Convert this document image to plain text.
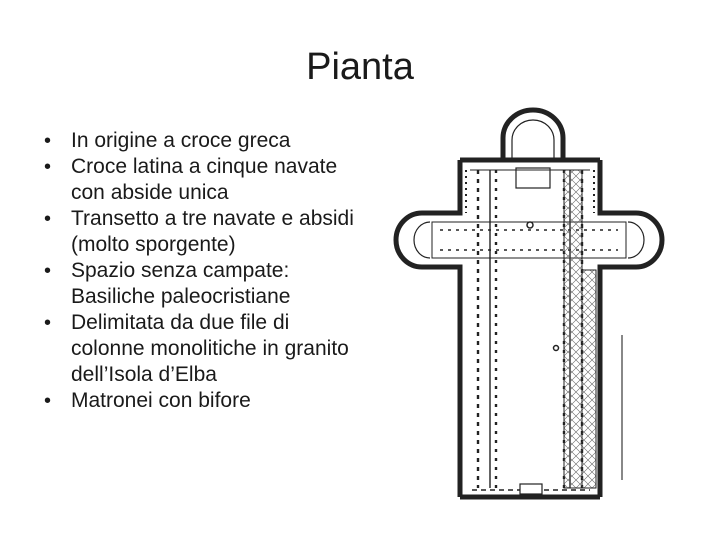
Pianta
• In origine a croce greca
• Croce latina a cinque navate con abside unica
• Transetto a tre navate e absidi (molto sporgente)
• Spazio senza campate: Basiliche paleocristiane
• Delimitata da due file di colonne monolitiche in granito dell’Isola d’Elba
• Matronei con bifore
